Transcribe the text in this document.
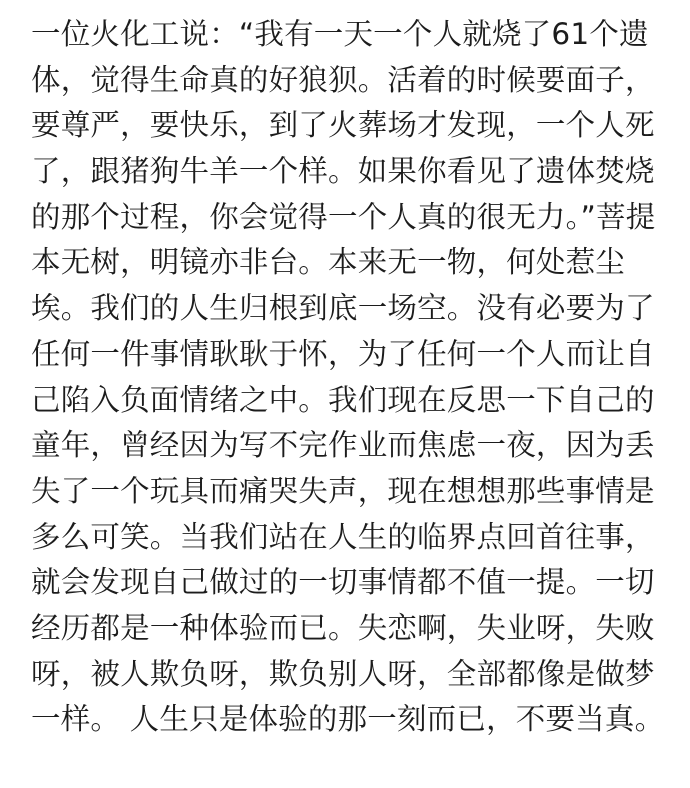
一位火化工说：“我有一天一个人就烧了61个遗
体，觉得生命真的好狼狈。活着的时候要面子，
要尊严，要快乐，到了火葬场才发现，一个人死
了，跟猪狗牛羊一个样。如果你看见了遗体焚烧
的那个过程，你会觉得一个人真的很无力。”菩提
本无树，明镜亦非台。本来无一物，何处惹尘
埃。我们的人生归根到底一场空。没有必要为了
任何一件事情耿耿于怀，为了任何一个人而让自
己陷入负面情绪之中。我们现在反思一下自己的
童年，曾经因为写不完作业而焦虑一夜，因为丢
失了一个玩具而痛哭失声，现在想想那些事情是
多么可笑。当我们站在人生的临界点回首往事，
就会发现自己做过的一切事情都不值一提。一切
经历都是一种体验而已。失恋啊，失业呀，失败
呀，被人欺负呀，欺负别人呀，全部都像是做梦
一样。 人生只是体验的那一刻而已，不要当真。
